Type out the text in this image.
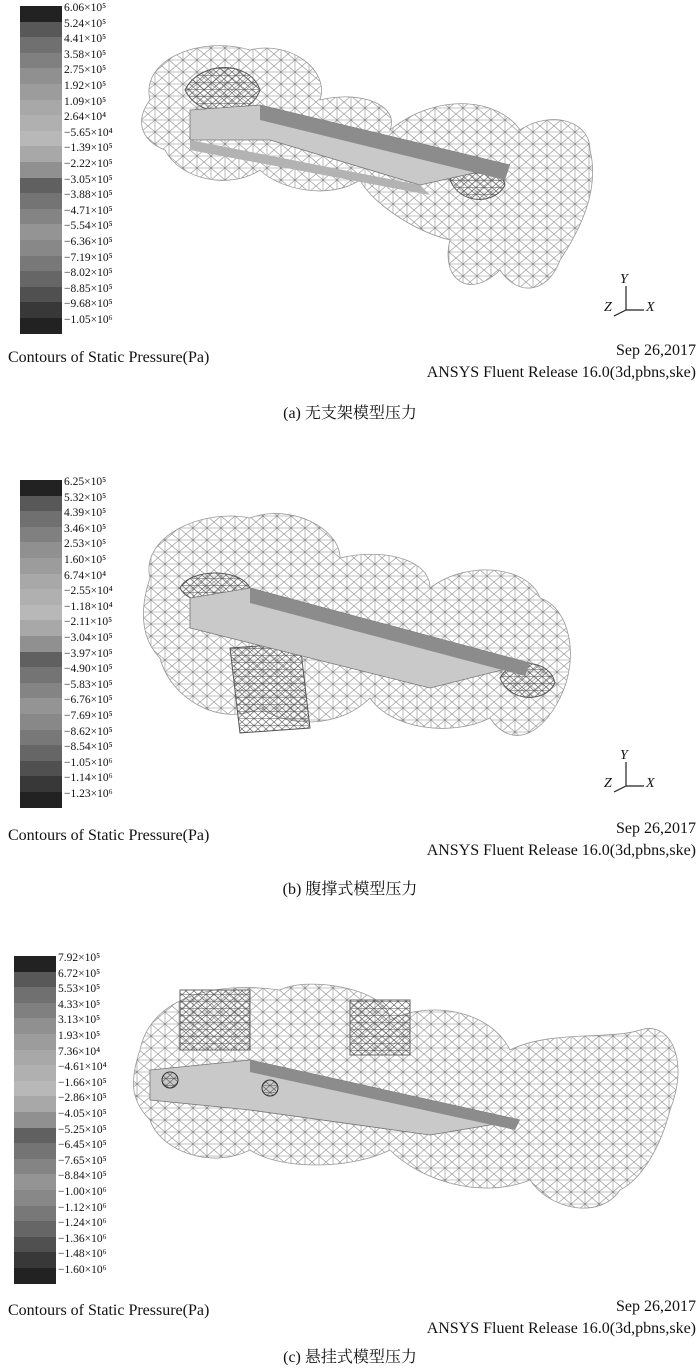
6.06×10⁵
5.24×10⁵
4.41×10⁵
3.58×10⁵
2.75×10⁵
1.92×10⁵
1.09×10⁵
2.64×10⁴
−5.65×10⁴
−1.39×10⁵
−2.22×10⁵
−3.05×10⁵
−3.88×10⁵
−4.71×10⁵
−5.54×10⁵
−6.36×10⁵
−7.19×10⁵
−8.02×10⁵
−8.85×10⁵
−9.68×10⁵
−1.05×10⁶
Y
Z X
Contours of Static Pressure(Pa)	Sep 26,2017
ANSYS Fluent Release 16.0(3d,pbns,ske)
(a) 无支架模型压力
6.25×10⁵
5.32×10⁵
4.39×10⁵
3.46×10⁵
2.53×10⁵
1.60×10⁵
6.74×10⁴
−2.55×10⁴
−1.18×10⁴
−2.11×10⁵
−3.04×10⁵
−3.97×10⁵
−4.90×10⁵
−5.83×10⁵
−6.76×10⁵
−7.69×10⁵
−8.62×10⁵
−8.54×10⁵
−1.05×10⁶
−1.14×10⁶
−1.23×10⁶
Y
Z X
Contours of Static Pressure(Pa)	Sep 26,2017
ANSYS Fluent Release 16.0(3d,pbns,ske)
(b) 腹撑式模型压力
7.92×10⁵
6.72×10⁵
5.53×10⁵
4.33×10⁵
3.13×10⁵
1.93×10⁵
7.36×10⁴
−4.61×10⁴
−1.66×10⁵
−2.86×10⁵
−4.05×10⁵
−5.25×10⁵
−6.45×10⁵
−7.65×10⁵
−8.84×10⁵
−1.00×10⁶
−1.12×10⁶
−1.24×10⁶
−1.36×10⁶
−1.48×10⁶
−1.60×10⁶
Contours of Static Pressure(Pa)	Sep 26,2017
ANSYS Fluent Release 16.0(3d,pbns,ske)
(c) 悬挂式模型压力
